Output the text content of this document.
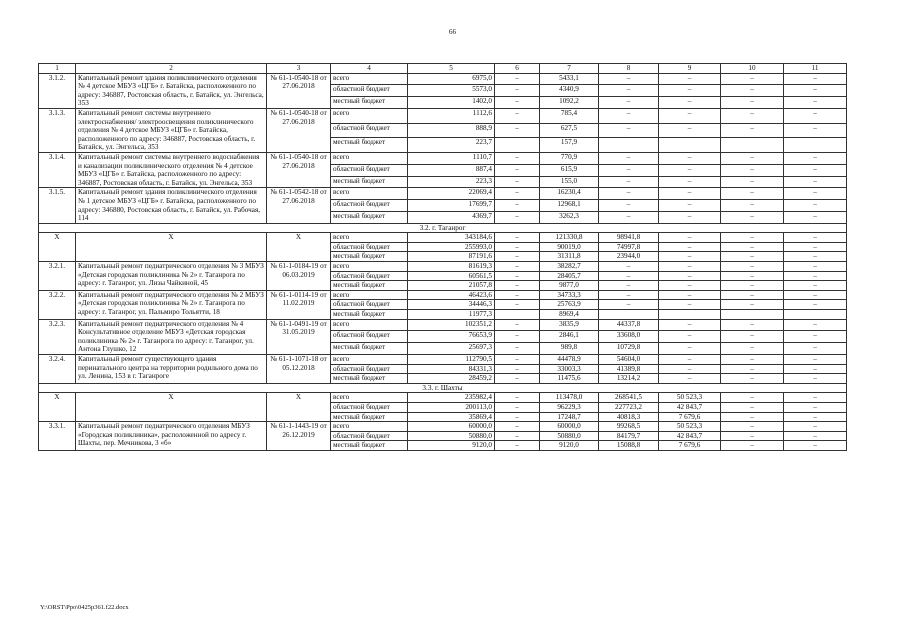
66
1	2	3	4	5	6	7	8	9	10	11
3.1.2.	Капитальный ремонт здания поликлинического отделения № 4 детское МБУЗ «ЦГБ» г. Батайска, расположенного по адресу: 346887, Ростовская область, г. Батайск, ул. Энгельса, 353	№ 61-1-0540-18 от 27.06.2018	всего	6975,0	–	5433,1	–	–	–	–
			областной бюджет	5573,0	–	4340,9	–	–	–	–
			местный бюджет	1402,0	–	1092,2	–	–	–	–
3.1.3.	Капитальный ремонт системы внутреннего электроснабжения/ электроосвещения поликлинического отделения № 4 детское МБУЗ «ЦГБ» г. Батайска, расположенного по адресу: 346887, Ростовская область, г. Батайск, ул. Энгельса, 353	№ 61-1-0540-18 от 27.06.2018	всего	1112,6	–	785,4	–	–	–	–
			областной бюджет	888,9	–	627,5	–	–	–	–
			местный бюджет	223,7		157,9				
3.1.4.	Капитальный ремонт системы внутреннего водоснабжения и канализации поликлинического отделения № 4 детское МБУЗ «ЦГБ» г. Батайска, расположенного по адресу: 346887, Ростовская область, г. Батайск, ул. Энгельса, 353	№ 61-1-0540-18 от 27.06.2018	всего	1110,7	–	770,9	–	–	–	–
			областной бюджет	887,4	–	615,9	–	–	–	–
			местный бюджет	223,3	–	155,0	–	–	–	–
3.1.5.	Капитальный ремонт здания поликлинического отделения № 1 детское МБУЗ «ЦГБ» г. Батайска, расположенного по адресу: 346880, Ростовская область, г. Батайск, ул. Рабочая, 114	№ 61-1-0542-18 от 27.06.2018	всего	22069,4	–	16230,4	–	–	–	–
			областной бюджет	17699,7	–	12968,1	–	–	–	–
			местный бюджет	4369,7	–	3262,3	–	–	–	–
3.2. г. Таганрог										
Х	Х	Х	всего	343184,6	–	121330,8	98941,8	–	–	–
			областной бюджет	255993,0	–	90019,0	74997,8	–	–	–
			местный бюджет	87191,6	–	31311,8	23944,0	–	–	–
3.2.1.	Капитальный ремонт педиатрического отделения № 3 МБУЗ «Детская городская поликлиника № 2» г. Таганрога по адресу: г. Таганрог, ул. Лизы Чайкиной, 45	№ 61-1-0184-19 от 06.03.2019	всего	81619,3	–	38282,7	–	–	–	–
			областной бюджет	60561,5	–	28405,7	–	–	–	–
			местный бюджет	21057,8	–	9877,0	–	–	–	–
3.2.2.	Капитальный ремонт педиатрического отделения № 2 МБУЗ «Детская городская поликлиника № 2» г. Таганрога по адресу: г. Таганрог, ул. Пальмиро Тольятти, 18	№ 61-1-0114-19 от 11.02.2019	всего	46423,6	–	34733,3	–	–	–	–
			областной бюджет	34446,3	–	25763,9	–	–	–	–
			местный бюджет	11977,3		8969,4				
3.2.3.	Капитальный ремонт педиатрического отделения № 4 Консультативное отделение МБУЗ «Детская городская поликлиника № 2» г. Таганрога по адресу: г. Таганрог, ул. Антона Глушко, 12	№ 61-1-0491-19 от 31.05.2019	всего	102351,2	–	3835,9	44337,8	–	–	–
			областной бюджет	76653,9	–	2846,1	33608,0	–	–	–
			местный бюджет	25697,3	–	989,8	10729,8	–	–	–
3.2.4.	Капитальный ремонт существующего здания перинатального центра на территории родильного дома по ул. Ленина, 153 в г. Таганроге	№ 61-1-1071-18 от 05.12.2018	всего	112790,5	–	44478,9	54604,0	–	–	–
			областной бюджет	84331,3	–	33003,3	41389,8	–	–	–
			местный бюджет	28459,2	–	11475,6	13214,2	–	–	–
3.3. г. Шахты										
Х	Х	Х	всего	235982,4	–	113478,0	268541,5	50 523,3	–	–
			областной бюджет	200113,0	–	96229,3	227723,2	42 843,7	–	–
			местный бюджет	35869,4	–	17248,7	40818,3	7 679,6	–	–
3.3.1.	Капитальный ремонт педиатрического отделения МБУЗ «Городская поликлиника», расположенной по адресу г. Шахты, пер. Мечникова, 3 «б»	№ 61-1-1443-19 от 26.12.2019	всего	60000,0	–	60000,0	99268,5	50 523,3	–	–
			областной бюджет	50880,0	–	50880,0	84179,7	42 843,7	–	–
			местный бюджет	9120,0	–	9120,0	15088,8	7 679,6	–	–
Y:\ORST\Ppo\0425p361.f22.docx
